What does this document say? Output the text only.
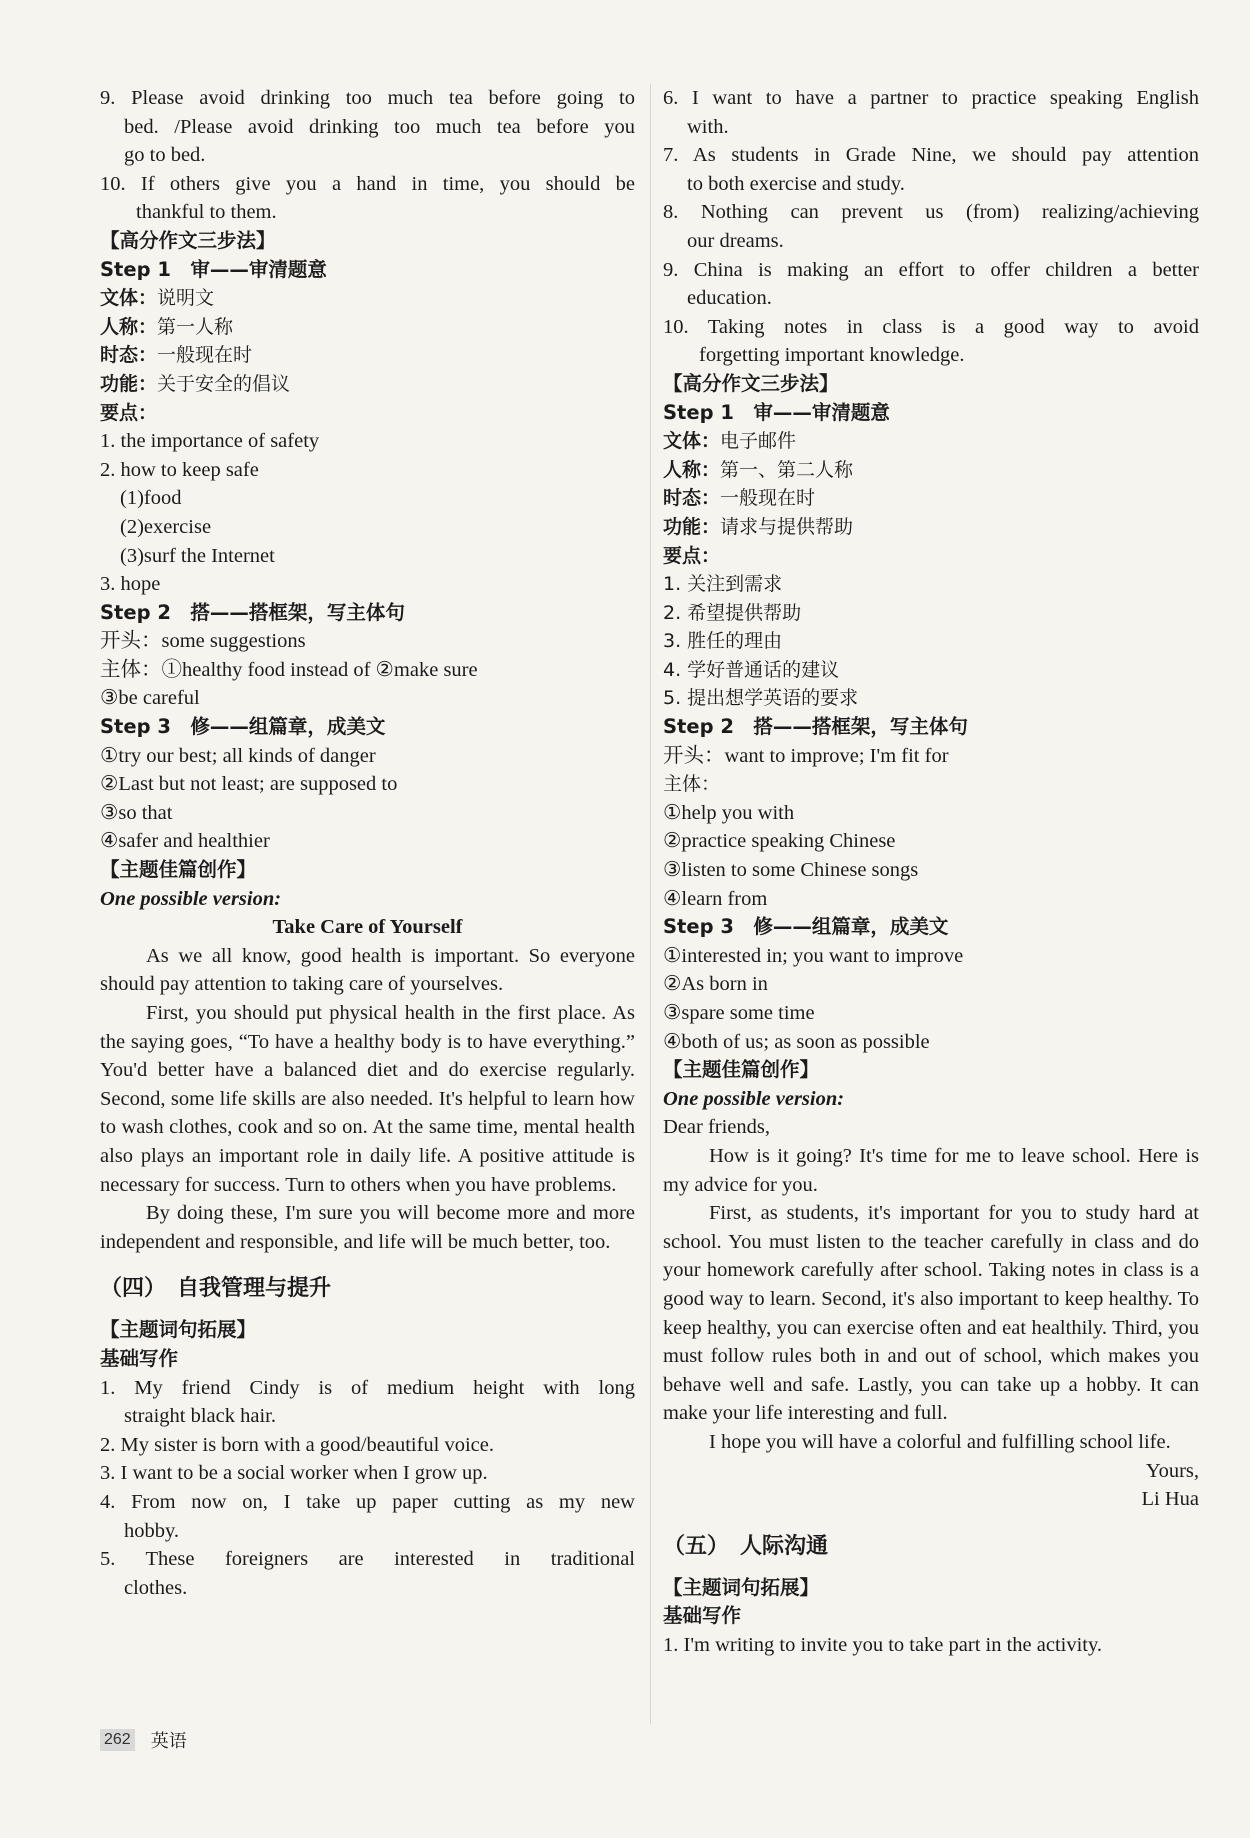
9. Please avoid drinking too much tea before going to
bed. /Please avoid drinking too much tea before you
go to bed.
10. If others give you a hand in time, you should be
thankful to them.
【高分作文三步法】
Step 1　审——审清题意
文体：说明文
人称：第一人称
时态：一般现在时
功能：关于安全的倡议
要点：
1. the importance of safety
2. how to keep safe
(1)food
(2)exercise
(3)surf the Internet
3. hope
Step 2　搭——搭框架，写主体句
开头：some suggestions
主体：①healthy food instead of ②make sure
③be careful
Step 3　修——组篇章，成美文
①try our best; all kinds of danger
②Last but not least; are supposed to
③so that
④safer and healthier
【主题佳篇创作】
One possible version:
Take Care of Yourself
As we all know, good health is important. So everyone should pay attention to taking care of yourselves.
First, you should put physical health in the first place. As the saying goes, “To have a healthy body is to have everything.” You'd better have a balanced diet and do exercise regularly. Second, some life skills are also needed. It's helpful to learn how to wash clothes, cook and so on. At the same time, mental health also plays an important role in daily life. A positive attitude is necessary for success. Turn to others when you have problems.
By doing these, I'm sure you will become more and more independent and responsible, and life will be much better, too.
（四）　自我管理与提升
【主题词句拓展】
基础写作
1. My friend Cindy is of medium height with long
straight black hair.
2. My sister is born with a good/beautiful voice.
3. I want to be a social worker when I grow up.
4. From now on, I take up paper cutting as my new
hobby.
5. These foreigners are interested in traditional
clothes.
6. I want to have a partner to practice speaking English
with.
7. As students in Grade Nine, we should pay attention
to both exercise and study.
8. Nothing can prevent us (from) realizing/achieving
our dreams.
9. China is making an effort to offer children a better
education.
10. Taking notes in class is a good way to avoid
forgetting important knowledge.
【高分作文三步法】
Step 1　审——审清题意
文体：电子邮件
人称：第一、第二人称
时态：一般现在时
功能：请求与提供帮助
要点：
1. 关注到需求
2. 希望提供帮助
3. 胜任的理由
4. 学好普通话的建议
5. 提出想学英语的要求
Step 2　搭——搭框架，写主体句
开头：want to improve; I'm fit for
主体：
①help you with
②practice speaking Chinese
③listen to some Chinese songs
④learn from
Step 3　修——组篇章，成美文
①interested in; you want to improve
②As born in
③spare some time
④both of us; as soon as possible
【主题佳篇创作】
One possible version:
Dear friends,
How is it going? It's time for me to leave school. Here is my advice for you.
First, as students, it's important for you to study hard at school. You must listen to the teacher carefully in class and do your homework carefully after school. Taking notes in class is a good way to learn. Second, it's also important to keep healthy. To keep healthy, you can exercise often and eat healthily. Third, you must follow rules both in and out of school, which makes you behave well and safe. Lastly, you can take up a hobby. It can make your life interesting and full.
I hope you will have a colorful and fulfilling school life.
Yours,
Li Hua
（五）　人际沟通
【主题词句拓展】
基础写作
1. I'm writing to invite you to take part in the activity.
262 英语
